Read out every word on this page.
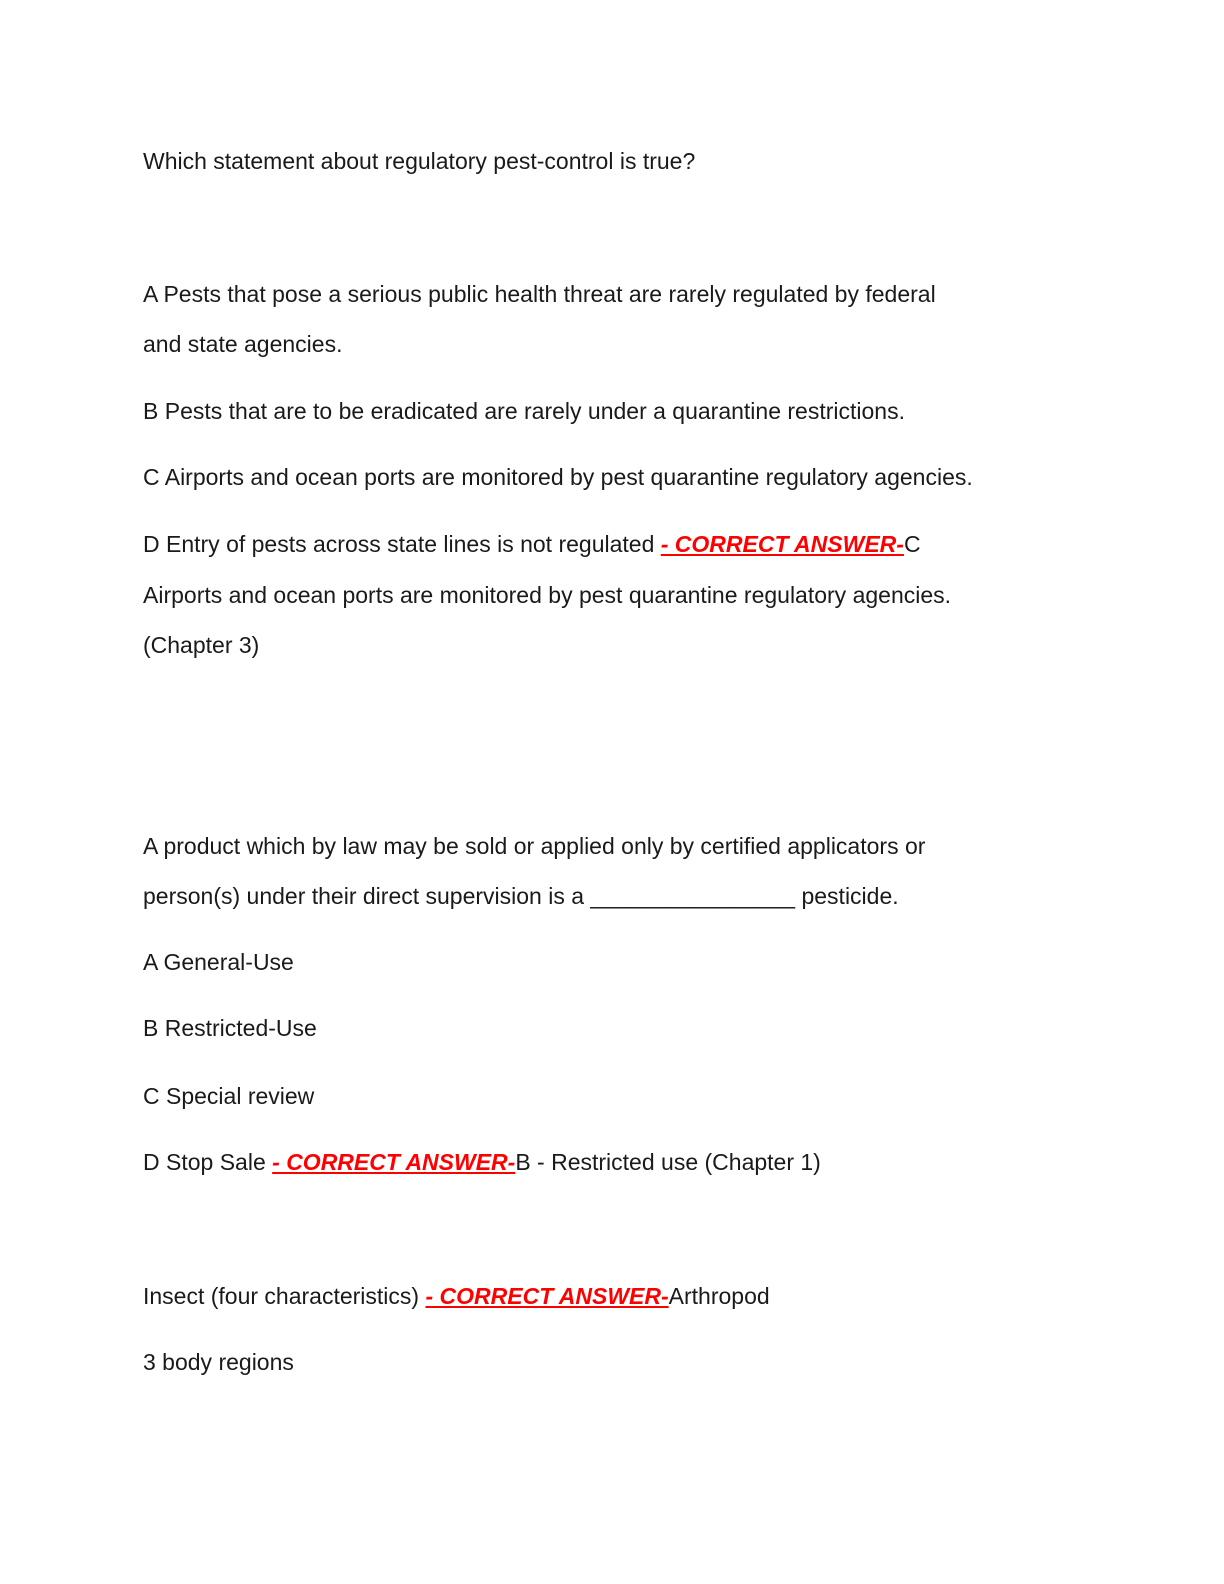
Which statement about regulatory pest-control is true?
A Pests that pose a serious public health threat are rarely regulated by federal
and state agencies.
B Pests that are to be eradicated are rarely under a quarantine restrictions.
C Airports and ocean ports are monitored by pest quarantine regulatory agencies.
D Entry of pests across state lines is not regulated - CORRECT ANSWER-C
Airports and ocean ports are monitored by pest quarantine regulatory agencies.
(Chapter 3)
A product which by law may be sold or applied only by certified applicators or
person(s) under their direct supervision is a ________________ pesticide.
A General-Use
B Restricted-Use
C Special review
D Stop Sale - CORRECT ANSWER-B - Restricted use (Chapter 1)
Insect (four characteristics) - CORRECT ANSWER-Arthropod
3 body regions
